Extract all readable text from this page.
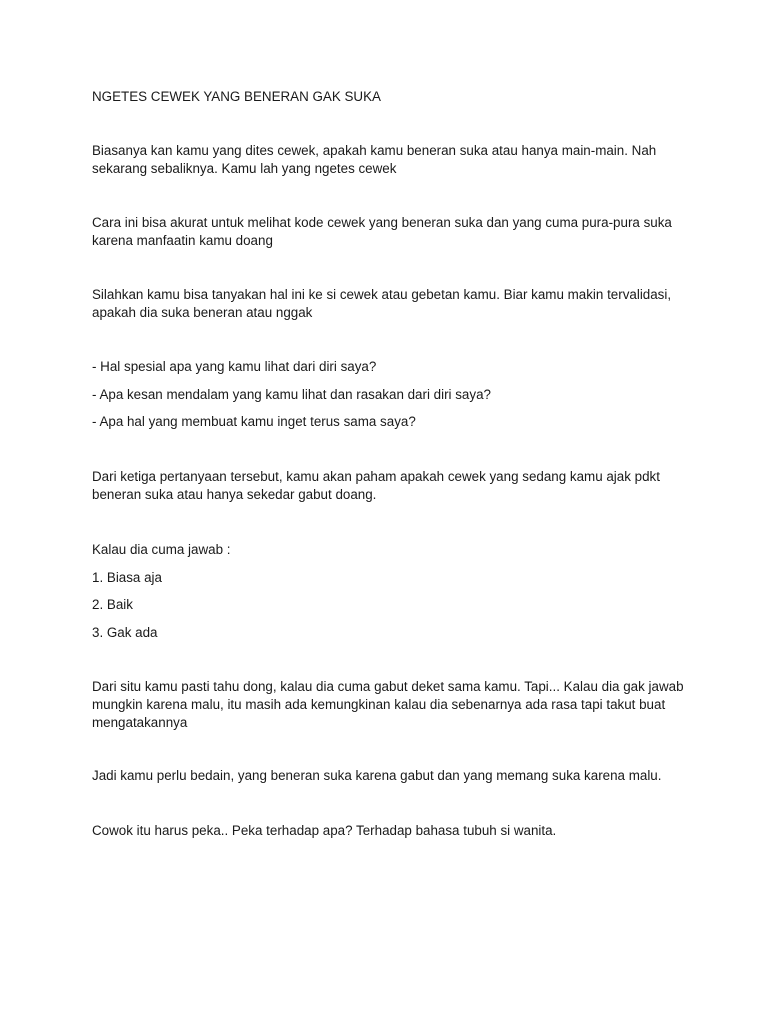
NGETES CEWEK YANG BENERAN GAK SUKA

Biasanya kan kamu yang dites cewek, apakah kamu beneran suka atau hanya main-main. Nah

sekarang sebaliknya. Kamu lah yang ngetes cewek

Cara ini bisa akurat untuk melihat kode cewek yang beneran suka dan yang cuma pura-pura suka

karena manfaatin kamu doang

Silahkan kamu bisa tanyakan hal ini ke si cewek atau gebetan kamu. Biar kamu makin tervalidasi,

apakah dia suka beneran atau nggak

- Hal spesial apa yang kamu lihat dari diri saya?

- Apa kesan mendalam yang kamu lihat dan rasakan dari diri saya?

- Apa hal yang membuat kamu inget terus sama saya?

Dari ketiga pertanyaan tersebut, kamu akan paham apakah cewek yang sedang kamu ajak pdkt

beneran suka atau hanya sekedar gabut doang.

Kalau dia cuma jawab :

1. Biasa aja

2. Baik

3. Gak ada

Dari situ kamu pasti tahu dong, kalau dia cuma gabut deket sama kamu. Tapi... Kalau dia gak jawab

mungkin karena malu, itu masih ada kemungkinan kalau dia sebenarnya ada rasa tapi takut buat

mengatakannya

Jadi kamu perlu bedain, yang beneran suka karena gabut dan yang memang suka karena malu.

Cowok itu harus peka.. Peka terhadap apa? Terhadap bahasa tubuh si wanita.
